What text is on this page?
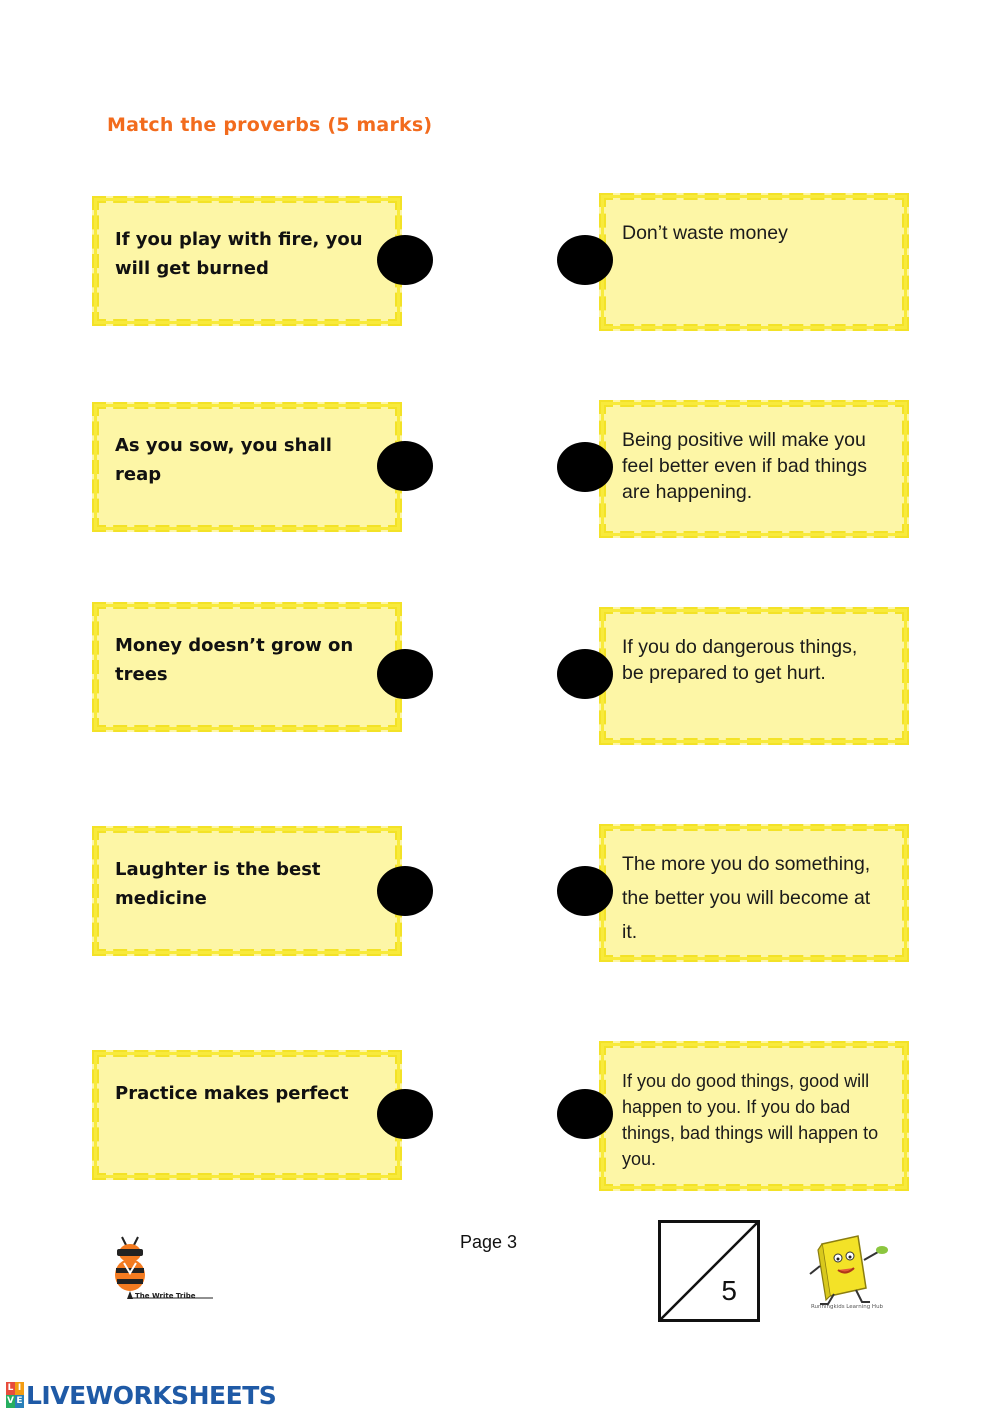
Match the proverbs (5 marks)
If you play with fire, you will get burned
As you sow, you shall reap
Money doesn’t grow on trees
Laughter is the best medicine
Practice makes perfect
Don’t waste money
Being positive will make you feel better even if bad things are happening.
If you do dangerous things, be prepared to get hurt.
The more you do something, the better you will become at it.
If you do good things, good will happen to you. If you do bad things, bad things will happen to you.
The Write Tribe
Page 3
5
Runningkids Learning Hub
L I
V E LIVEWORKSHEETS
